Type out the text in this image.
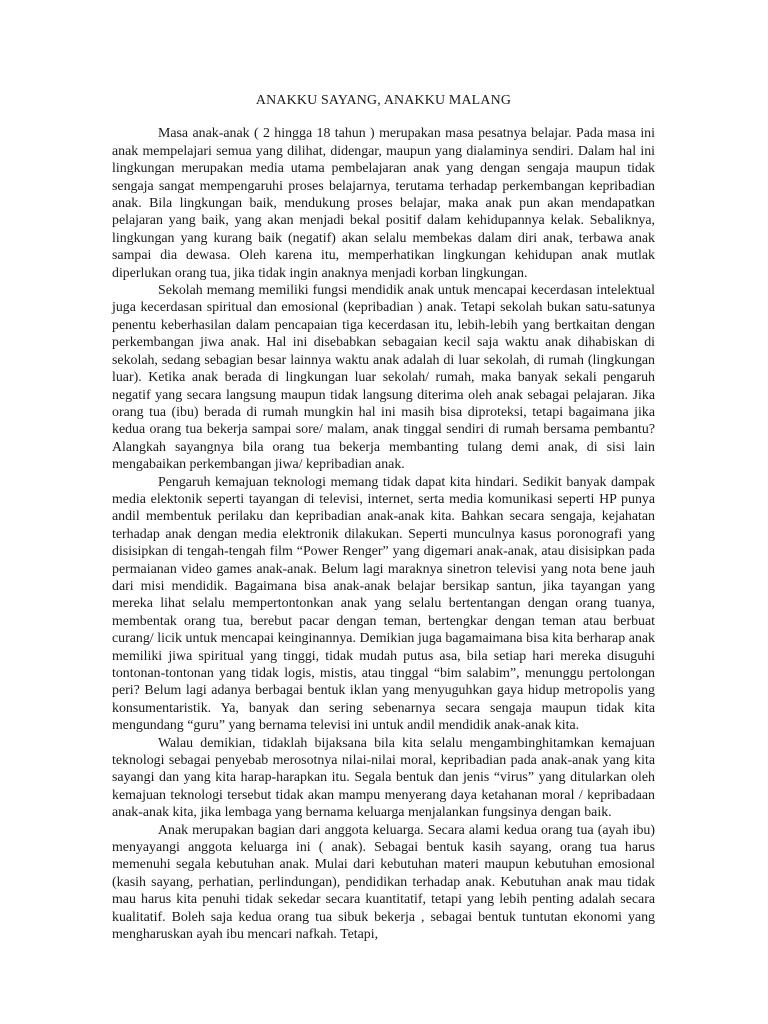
ANAKKU SAYANG, ANAKKU MALANG

Masa anak-anak ( 2 hingga 18 tahun ) merupakan masa pesatnya belajar. Pada masa ini anak mempelajari semua yang dilihat, didengar, maupun yang dialaminya sendiri. Dalam hal ini lingkungan merupakan media utama pembelajaran anak yang dengan sengaja maupun tidak sengaja sangat mempengaruhi proses belajarnya, terutama terhadap perkembangan kepribadian anak. Bila lingkungan baik, mendukung proses belajar, maka anak pun akan mendapatkan pelajaran yang baik, yang akan menjadi bekal positif dalam kehidupannya kelak. Sebaliknya, lingkungan yang kurang baik (negatif) akan selalu membekas dalam diri anak, terbawa anak sampai dia dewasa. Oleh karena itu, memperhatikan lingkungan kehidupan anak mutlak diperlukan orang tua, jika tidak ingin anaknya menjadi korban lingkungan.

Sekolah memang memiliki fungsi mendidik anak untuk mencapai kecerdasan intelektual juga kecerdasan spiritual dan emosional (kepribadian ) anak. Tetapi sekolah bukan satu-satunya penentu keberhasilan dalam pencapaian tiga kecerdasan itu, lebih-lebih yang bertkaitan dengan perkembangan jiwa anak. Hal ini disebabkan sebagaian kecil saja waktu anak dihabiskan di sekolah, sedang sebagian besar lainnya waktu anak adalah di luar sekolah, di rumah (lingkungan luar). Ketika anak berada di lingkungan luar sekolah/ rumah, maka banyak sekali pengaruh negatif yang secara langsung maupun tidak langsung diterima oleh anak sebagai pelajaran. Jika orang tua (ibu) berada di rumah mungkin hal ini masih bisa diproteksi, tetapi bagaimana jika kedua orang tua bekerja sampai sore/ malam, anak tinggal sendiri di rumah bersama pembantu? Alangkah sayangnya bila orang tua bekerja membanting tulang demi anak, di sisi lain mengabaikan perkembangan jiwa/ kepribadian anak.

Pengaruh kemajuan teknologi memang tidak dapat kita hindari. Sedikit banyak dampak media elektonik seperti tayangan di televisi, internet, serta media komunikasi seperti HP punya andil membentuk perilaku dan kepribadian anak-anak kita. Bahkan secara sengaja, kejahatan terhadap anak dengan media elektronik dilakukan. Seperti munculnya kasus poronografi yang disisipkan di tengah-tengah film “Power Renger” yang digemari anak-anak, atau disisipkan pada permaianan video games anak-anak. Belum lagi maraknya sinetron televisi yang nota bene jauh dari misi mendidik. Bagaimana bisa anak-anak belajar bersikap santun, jika tayangan yang mereka lihat selalu mempertontonkan anak yang selalu bertentangan dengan orang tuanya, membentak orang tua, berebut pacar dengan teman, bertengkar dengan teman atau berbuat curang/ licik untuk mencapai keinginannya. Demikian juga bagamaimana bisa kita berharap anak memiliki jiwa spiritual yang tinggi, tidak mudah putus asa, bila setiap hari mereka disuguhi tontonan-tontonan yang tidak logis, mistis, atau tinggal “bim salabim”, menunggu pertolongan peri? Belum lagi adanya berbagai bentuk iklan yang menyuguhkan gaya hidup metropolis yang konsumentaristik. Ya, banyak dan sering sebenarnya secara sengaja maupun tidak kita mengundang “guru” yang bernama televisi ini untuk andil mendidik anak-anak kita.

Walau demikian, tidaklah bijaksana bila kita selalu mengambinghitamkan kemajuan teknologi sebagai penyebab merosotnya nilai-nilai moral, kepribadian pada anak-anak yang kita sayangi dan yang kita harap-harapkan itu. Segala bentuk dan jenis “virus” yang ditularkan oleh kemajuan teknologi tersebut tidak akan mampu menyerang daya ketahanan moral / kepribadaan anak-anak kita, jika lembaga yang bernama keluarga menjalankan fungsinya dengan baik.

Anak merupakan bagian dari anggota keluarga. Secara alami kedua orang tua (ayah ibu) menyayangi anggota keluarga ini ( anak). Sebagai bentuk kasih sayang, orang tua harus memenuhi segala kebutuhan anak. Mulai dari kebutuhan materi maupun kebutuhan emosional (kasih sayang, perhatian, perlindungan), pendidikan terhadap anak. Kebutuhan anak mau tidak mau harus kita penuhi tidak sekedar secara kuantitatif, tetapi yang lebih penting adalah secara kualitatif. Boleh saja kedua orang tua sibuk bekerja , sebagai bentuk tuntutan ekonomi yang mengharuskan ayah ibu mencari nafkah. Tetapi,
